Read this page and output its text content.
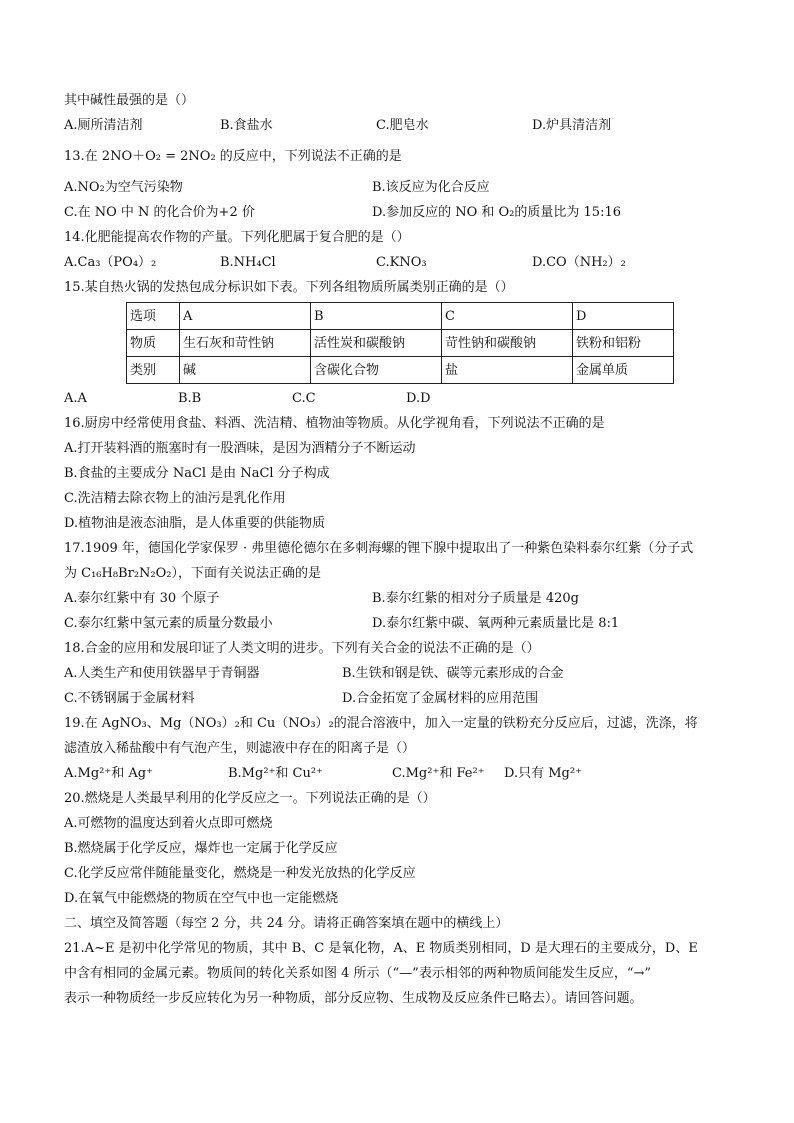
其中碱性最强的是（）
A.厕所清洁剂	B.食盐水	C.肥皂水	D.炉具清洁剂
13.在 2NO＋O₂ = 2NO₂ 的反应中，下列说法不正确的是
A.NO₂为空气污染物	B.该反应为化合反应
C.在 NO 中 N 的化合价为+2 价	D.参加反应的 NO 和 O₂的质量比为 15:16
14.化肥能提高农作物的产量。下列化肥属于复合肥的是（）
A.Ca₃（PO₄）₂	B.NH₄Cl	C.KNO₃	D.CO（NH₂）₂
15.某自热火锅的发热包成分标识如下表。下列各组物质所属类别正确的是（）
选项	A	B	C	D
物质	生石灰和苛性钠	活性炭和碳酸钠	苛性钠和碳酸钠	铁粉和铝粉
类别	碱	含碳化合物	盐	金属单质
A.A	B.B	C.C	D.D
16.厨房中经常使用食盐、料酒、洗洁精、植物油等物质。从化学视角看，下列说法不正确的是
A.打开装料酒的瓶塞时有一股酒味，是因为酒精分子不断运动
B.食盐的主要成分 NaCl 是由 NaCl 分子构成
C.洗洁精去除衣物上的油污是乳化作用
D.植物油是液态油脂，是人体重要的供能物质
17.1909 年，德国化学家保罗 · 弗里德伦德尔在多刺海螺的锂下腺中提取出了一种紫色染料泰尔红紫（分子式
为 C₁₆H₈Br₂N₂O₂），下面有关说法正确的是
A.泰尔红紫中有 30 个原子	B.泰尔红紫的相对分子质量是 420g
C.泰尔红紫中氢元素的质量分数最小	D.泰尔红紫中碳、氧两种元素质量比是 8:1
18.合金的应用和发展印证了人类文明的进步。下列有关合金的说法不正确的是（）
A.人类生产和使用铁器早于青铜器	B.生铁和钢是铁、碳等元素形成的合金
C.不锈钢属于金属材料	D.合金拓宽了金属材料的应用范围
19.在 AgNO₃、Mg（NO₃）₂和 Cu（NO₃）₂的混合溶液中，加入一定量的铁粉充分反应后，过滤，洗涤，将
滤渣放入稀盐酸中有气泡产生，则滤液中存在的阳离子是（）
A.Mg²⁺和 Ag⁺	B.Mg²⁺和 Cu²⁺	C.Mg²⁺和 Fe²⁺	D.只有 Mg²⁺
20.燃烧是人类最早利用的化学反应之一。下列说法正确的是（）
A.可燃物的温度达到着火点即可燃烧
B.燃烧属于化学反应，爆炸也一定属于化学反应
C.化学反应常伴随能量变化，燃烧是一种发光放热的化学反应
D.在氧气中能燃烧的物质在空气中也一定能燃烧
二、填空及简答题（每空 2 分，共 24 分。请将正确答案填在题中的横线上）
21.A~E 是初中化学常见的物质，其中 B、C 是氧化物，A、E 物质类别相同，D 是大理石的主要成分，D、E
中含有相同的金属元素。物质间的转化关系如图 4 所示（“—”表示相邻的两种物质间能发生反应，“→”
表示一种物质经一步反应转化为另一种物质，部分反应物、生成物及反应条件已略去）。请回答问题。
